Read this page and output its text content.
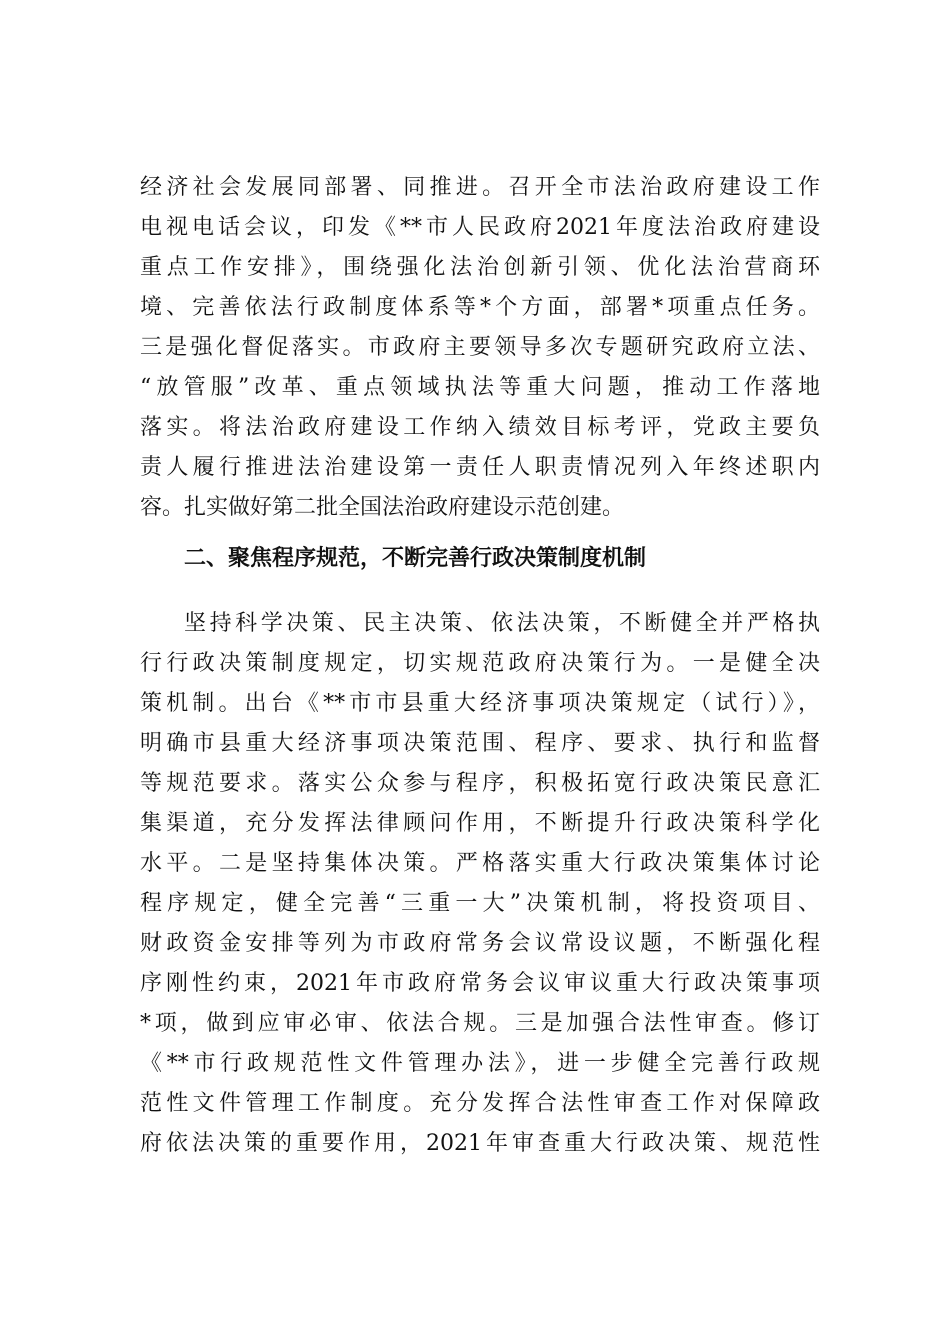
经济社会发展同部署、同推进。召开全市法治政府建设工作
电视电话会议，印发《**市人民政府2021年度法治政府建设
重点工作安排》，围绕强化法治创新引领、优化法治营商环
境、完善依法行政制度体系等*个方面，部署*项重点任务。
三是强化督促落实。市政府主要领导多次专题研究政府立法、
“放管服”改革、重点领域执法等重大问题，推动工作落地
落实。将法治政府建设工作纳入绩效目标考评，党政主要负
责人履行推进法治建设第一责任人职责情况列入年终述职内
容。扎实做好第二批全国法治政府建设示范创建。
二、聚焦程序规范，不断完善行政决策制度机制
坚持科学决策、民主决策、依法决策，不断健全并严格执
行行政决策制度规定，切实规范政府决策行为。一是健全决
策机制。出台《**市市县重大经济事项决策规定（试行）》，
明确市县重大经济事项决策范围、程序、要求、执行和监督
等规范要求。落实公众参与程序，积极拓宽行政决策民意汇
集渠道，充分发挥法律顾问作用，不断提升行政决策科学化
水平。二是坚持集体决策。严格落实重大行政决策集体讨论
程序规定，健全完善“三重一大”决策机制，将投资项目、
财政资金安排等列为市政府常务会议常设议题，不断强化程
序刚性约束，2021年市政府常务会议审议重大行政决策事项
*项，做到应审必审、依法合规。三是加强合法性审查。修订
《**市行政规范性文件管理办法》，进一步健全完善行政规
范性文件管理工作制度。充分发挥合法性审查工作对保障政
府依法决策的重要作用，2021年审查重大行政决策、规范性
